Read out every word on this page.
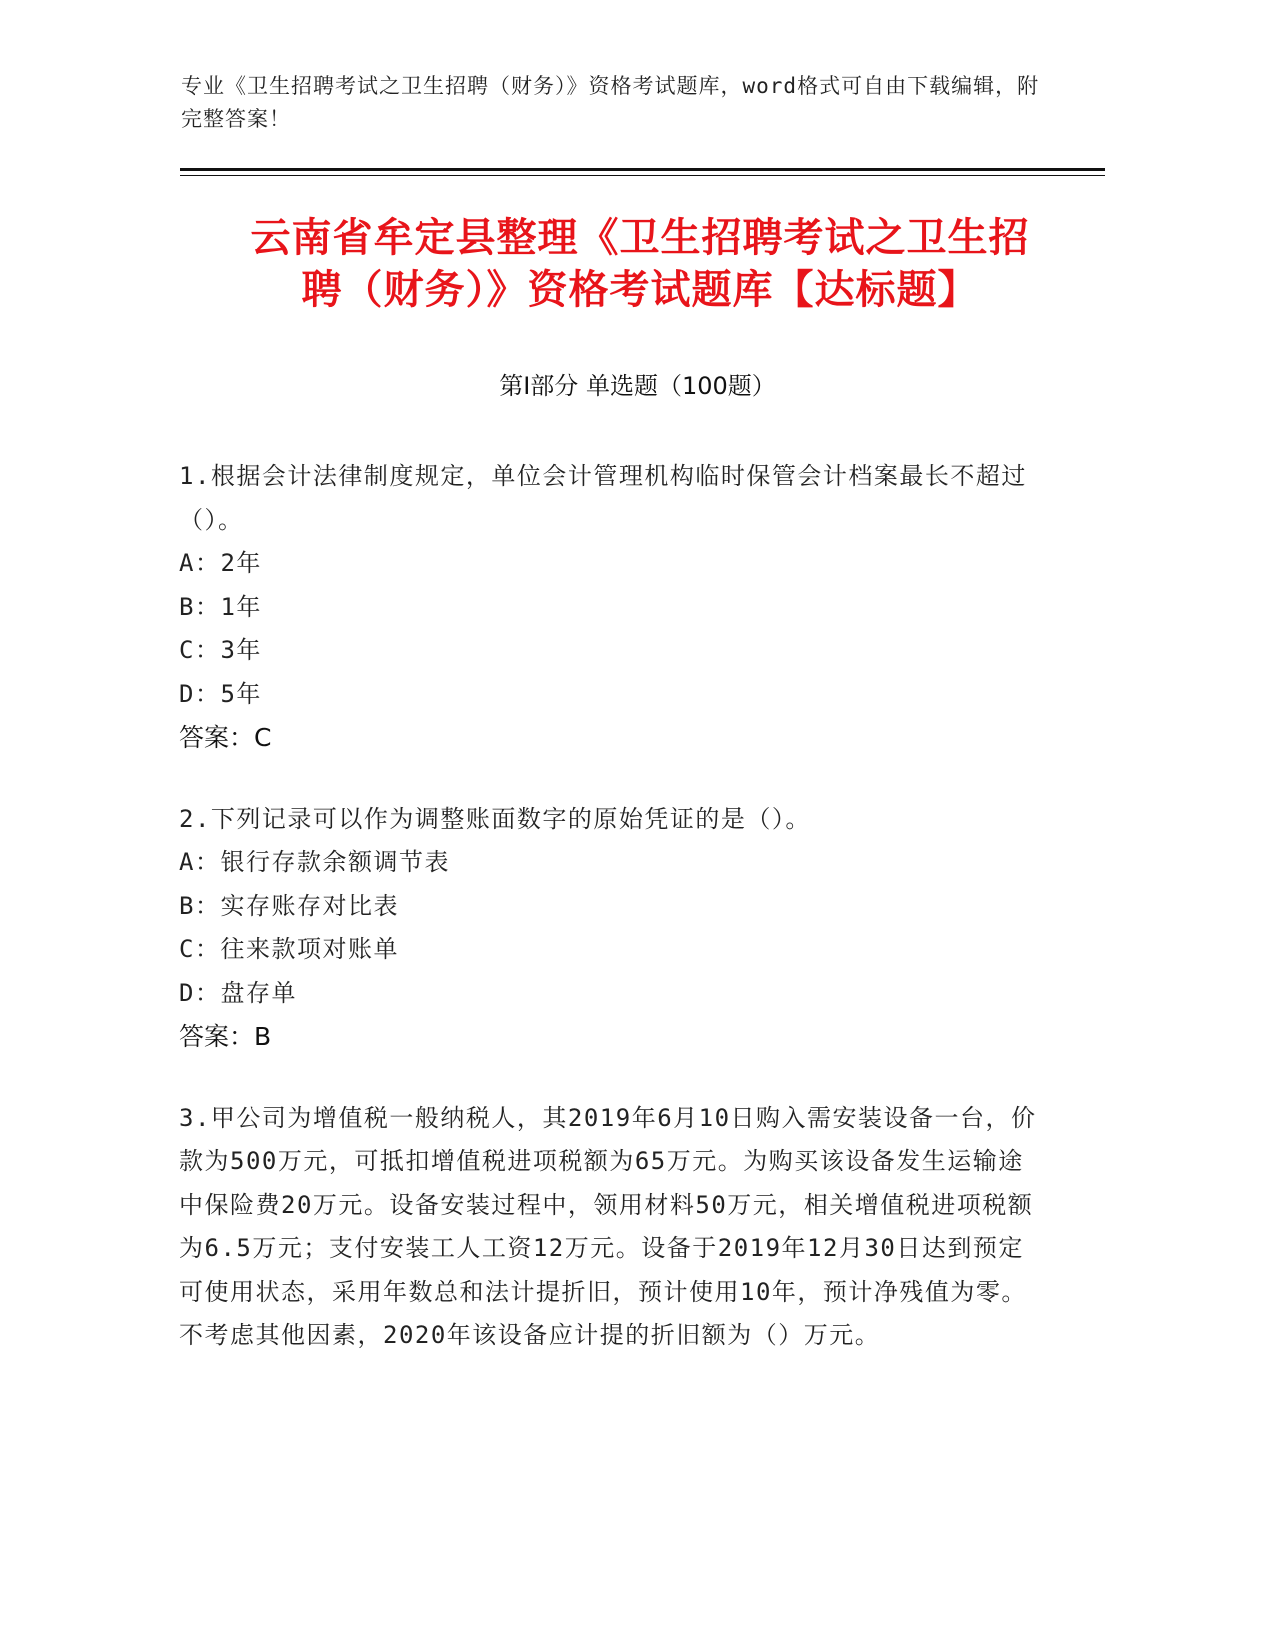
专业《卫生招聘考试之卫生招聘（财务）》资格考试题库，word格式可自由下载编辑，附完整答案！
云南省牟定县整理《卫生招聘考试之卫生招
聘（财务）》资格考试题库【达标题】
第Ⅰ部分 单选题（100题）

1.根据会计法律制度规定，单位会计管理机构临时保管会计档案最长不超过（）。

A：2年

B：1年

C：3年

D：5年

答案：C

2.下列记录可以作为调整账面数字的原始凭证的是（）。

A：银行存款余额调节表

B：实存账存对比表

C：往来款项对账单

D：盘存单

答案：B

3.甲公司为增值税一般纳税人，其2019年6月10日购入需安装设备一台，价款为500万元，可抵扣增值税进项税额为65万元。为购买该设备发生运输途中保险费20万元。设备安装过程中，领用材料50万元，相关增值税进项税额为6.5万元；支付安装工人工资12万元。设备于2019年12月30日达到预定可使用状态，采用年数总和法计提折旧，预计使用10年，预计净残值为零。不考虑其他因素，2020年该设备应计提的折旧额为（）万元。
